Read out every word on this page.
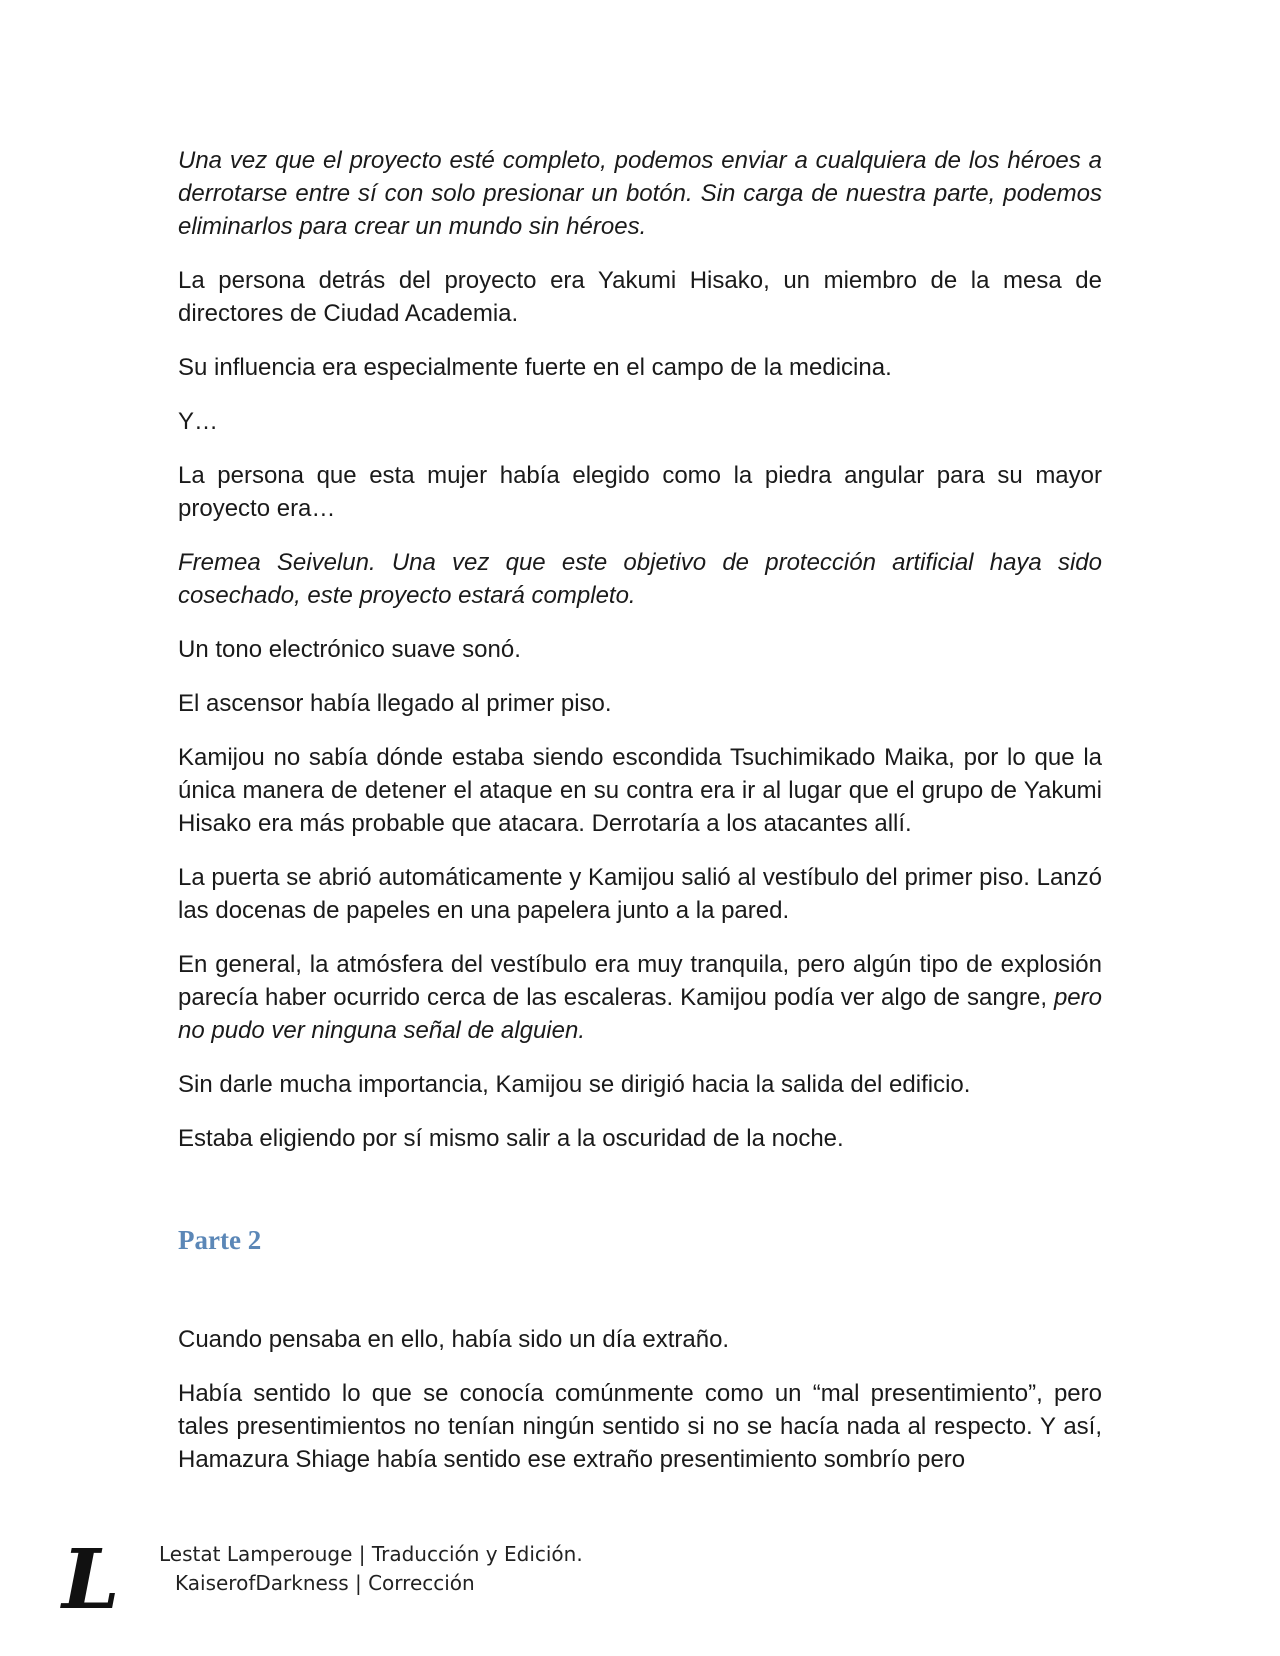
Una vez que el proyecto esté completo, podemos enviar a cualquiera de los héroes a derrotarse entre sí con solo presionar un botón. Sin carga de nuestra parte, podemos eliminarlos para crear un mundo sin héroes.

La persona detrás del proyecto era Yakumi Hisako, un miembro de la mesa de directores de Ciudad Academia.

Su influencia era especialmente fuerte en el campo de la medicina.

Y…

La persona que esta mujer había elegido como la piedra angular para su mayor proyecto era…

Fremea Seivelun. Una vez que este objetivo de protección artificial haya sido cosechado, este proyecto estará completo.

Un tono electrónico suave sonó.

El ascensor había llegado al primer piso.

Kamijou no sabía dónde estaba siendo escondida Tsuchimikado Maika, por lo que la única manera de detener el ataque en su contra era ir al lugar que el grupo de Yakumi Hisako era más probable que atacara. Derrotaría a los atacantes allí.

La puerta se abrió automáticamente y Kamijou salió al vestíbulo del primer piso. Lanzó las docenas de papeles en una papelera junto a la pared.

En general, la atmósfera del vestíbulo era muy tranquila, pero algún tipo de explosión parecía haber ocurrido cerca de las escaleras. Kamijou podía ver algo de sangre, pero no pudo ver ninguna señal de alguien.

Sin darle mucha importancia, Kamijou se dirigió hacia la salida del edificio.

Estaba eligiendo por sí mismo salir a la oscuridad de la noche.

Parte 2

Cuando pensaba en ello, había sido un día extraño.

Había sentido lo que se conocía comúnmente como un “mal presentimiento”, pero tales presentimientos no tenían ningún sentido si no se hacía nada al respecto. Y así, Hamazura Shiage había sentido ese extraño presentimiento sombrío pero

L	Lestat Lamperouge | Traducción y Edición.
KaiserofDarkness | Corrección
